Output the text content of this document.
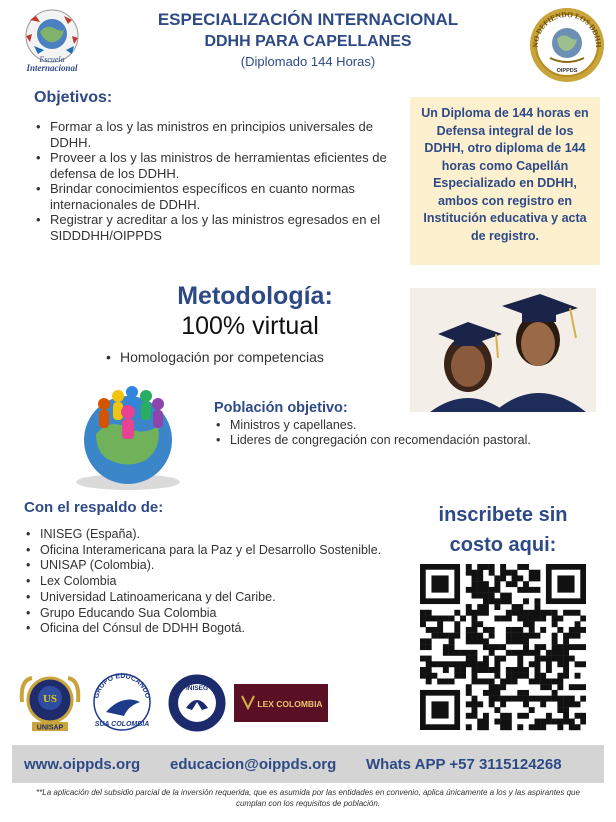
Escuela
Internacional
ESPECIALIZACIÓN INTERNACIONAL
DDHH PARA CAPELLANES
(Diplomado 144 Horas)
NO DEFIENDO LOS DDHH
OIPPDS
Objetivos:
• Formar a los y las ministros en principios universales de DDHH.
• Proveer a los y las ministros de herramientas eficientes de defensa de los DDHH.
• Brindar conocimientos específicos en cuanto normas internacionales de DDHH.
• Registrar y acreditar a los y las ministros egresados en el SIDDDHH/OIPPDS
Un Diploma de 144 horas en Defensa integral de los DDHH, otro diploma de 144 horas como Capellán Especializado en DDHH, ambos con registro en Institución educativa y acta de registro.
Metodología:
100% virtual
• Homologación por competencias
Población objetivo:
• Ministros y capellanes.
• Lideres de congregación con recomendación pastoral.
Con el respaldo de:
• INISEG (España).
• Oficina Interamericana para la Paz y el Desarrollo Sostenible.
• UNISAP (Colombia).
• Lex Colombia
• Universidad Latinoamericana y del Caribe.
• Grupo Educando Sua Colombia
• Oficina del Cónsul de DDHH Bogotá.
US
UNISAP
GRUPO EDUCANDO
SUA COLOMBIA
INISEG
LEX COLOMBIA
inscribete sin
costo aqui:
www.oippds.org educacion@oippds.org Whats APP +57 3115124268
**La aplicación del subsidio parcial de la inversión requerida, que es asumida por las entidades en convenio, aplica únicamente a los y las aspirantes que cumplan con los requisitos de población.
